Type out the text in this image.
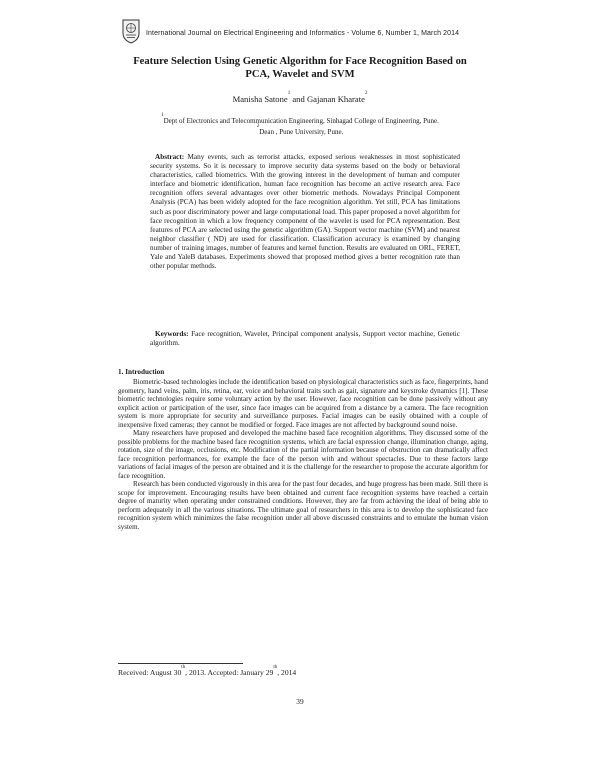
International Journal on Electrical Engineering and Informatics - Volume 6, Number 1, March 2014
Feature Selection Using Genetic Algorithm for Face Recognition Based on
PCA, Wavelet and SVM
Manisha Satone$^1$ and Gajanan Kharate$^2$
$^1$Dept of Electronics and Telecommunication Engineering, Sinhagad College of Engineering, Pune.
$^2$Dean , Pune University, Pune.
Abstract: Many events, such as terrorist attacks, exposed serious weaknesses in most sophisticated security systems. So it is necessary to improve security data systems based on the body or behavioral characteristics, called biometrics. With the growing interest in the development of human and computer interface and biometric identification, human face recognition has become an active research area. Face recognition offers several advantages over other biometric methods. Nowadays Principal Component Analysis (PCA) has been widely adopted for the face recognition algorithm. Yet still, PCA has limitations such as poor discriminatory power and large computational load. This paper proposed a novel algorithm for face recognition in which a low frequency component of the wavelet is used for PCA representation. Best features of PCA are selected using the genetic algorithm (GA). Support vector machine (SVM) and nearest neighbor classifier ( ND) are used for classification. Classification accuracy is examined by changing number of training images, number of features and kernel function. Results are evaluated on ORL, FERET, Yale and YaleB databases. Experiments showed that proposed method gives a better recognition rate than other popular methods.
Keywords: Face recognition, Wavelet, Principal component analysis, Support vector machine, Genetic algorithm.
1. Introduction

Biometric-based technologies include the identification based on physiological characteristics such as face, fingerprints, hand geometry, hand veins, palm, iris, retina, ear, voice and behavioral traits such as gait, signature and keystroke dynamics [1]. These biometric technologies require some voluntary action by the user. However, face recognition can be done passively without any explicit action or participation of the user, since face images can be acquired from a distance by a camera. The face recognition system is more appropriate for security and surveillance purposes. Facial images can be easily obtained with a couple of inexpensive fixed cameras; they cannot be modified or forged. Face images are not affected by background sound noise.

Many researchers have proposed and developed the machine based face recognition algorithms. They discussed some of the possible problems for the machine based face recognition systems, which are facial expression change, illumination change, aging, rotation, size of the image, occlusions, etc. Modification of the partial information because of obstruction can dramatically affect face recognition performances, for example the face of the person with and without spectacles. Due to these factors large variations of facial images of the person are obtained and it is the challenge for the researcher to propose the accurate algorithm for face recognition.

Research has been conducted vigorously in this area for the past four decades, and huge progress has been made. Still there is scope for improvement. Encouraging results have been obtained and current face recognition systems have reached a certain degree of maturity when operating under constrained conditions. However, they are far from achieving the ideal of being able to perform adequately in all the various situations. The ultimate goal of researchers in this area is to develop the sophisticated face recognition system which minimizes the false recognition under all above discussed constraints and to emulate the human vision system.

Received: August 30th, 2013. Accepted: January 29th, 2014
39
